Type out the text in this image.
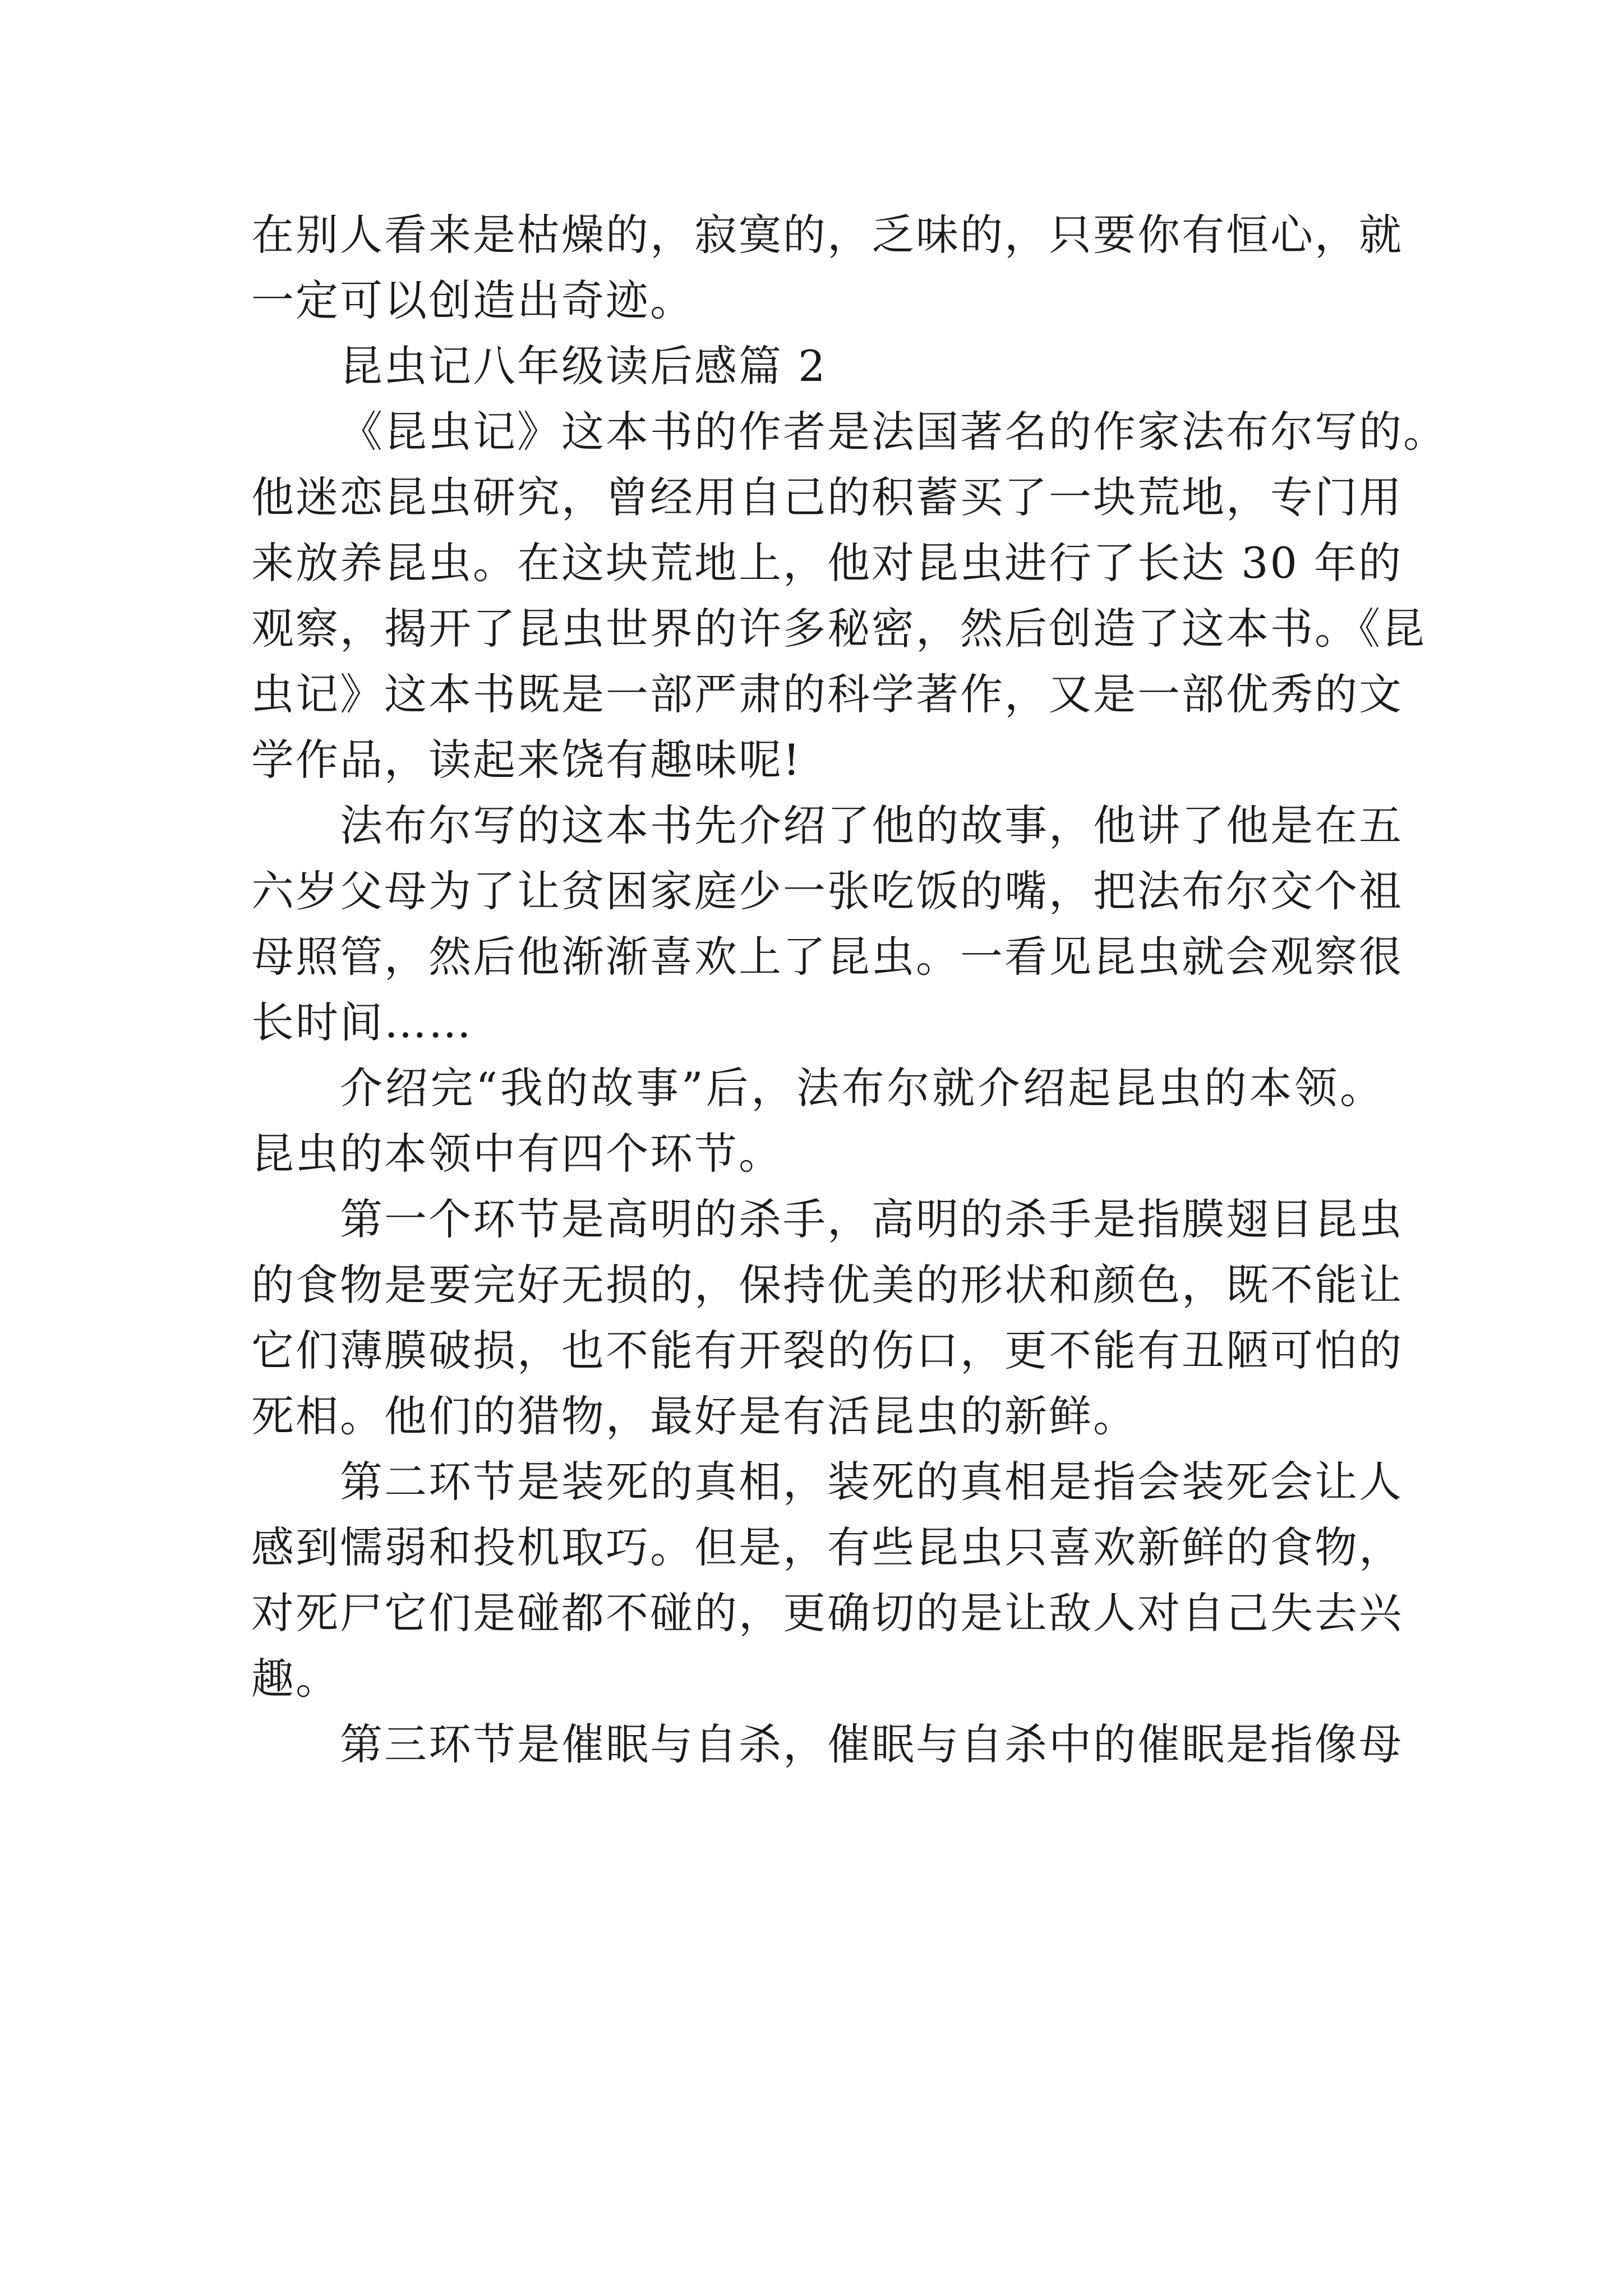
在别人看来是枯燥的，寂寞的，乏味的，只要你有恒心，就
一定可以创造出奇迹。
昆虫记八年级读后感篇 2
《昆虫记》这本书的作者是法国著名的作家法布尔写的。
他迷恋昆虫研究，曾经用自己的积蓄买了一块荒地，专门用
来放养昆虫。在这块荒地上，他对昆虫进行了长达 30 年的
观察，揭开了昆虫世界的许多秘密，然后创造了这本书。《昆
虫记》这本书既是一部严肃的科学著作，又是一部优秀的文
学作品，读起来饶有趣味呢!
法布尔写的这本书先介绍了他的故事，他讲了他是在五
六岁父母为了让贫困家庭少一张吃饭的嘴，把法布尔交个祖
母照管，然后他渐渐喜欢上了昆虫。一看见昆虫就会观察很
长时间……
介绍完“我的故事”后，法布尔就介绍起昆虫的本领。
昆虫的本领中有四个环节。
第一个环节是高明的杀手，高明的杀手是指膜翅目昆虫
的食物是要完好无损的，保持优美的形状和颜色，既不能让
它们薄膜破损，也不能有开裂的伤口，更不能有丑陋可怕的
死相。他们的猎物，最好是有活昆虫的新鲜。
第二环节是装死的真相，装死的真相是指会装死会让人
感到懦弱和投机取巧。但是，有些昆虫只喜欢新鲜的食物，
对死尸它们是碰都不碰的，更确切的是让敌人对自己失去兴
趣。
第三环节是催眠与自杀，催眠与自杀中的催眠是指像母
